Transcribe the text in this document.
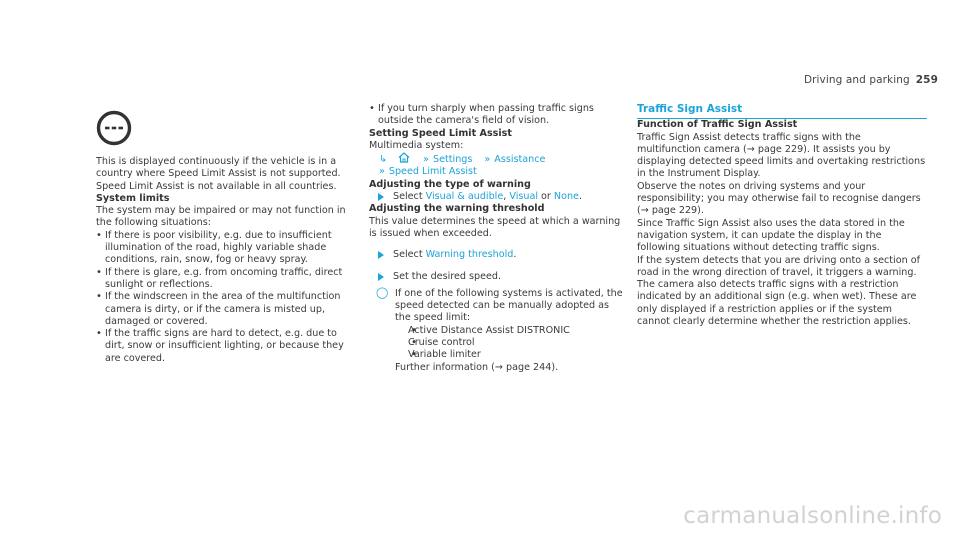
Driving and parking 259

This is displayed continuously if the vehicle is in a country where Speed Limit Assist is not supported. Speed Limit Assist is not available in all countries.

System limits

The system may be impaired or may not function in the following situations:

• If there is poor visibility, e.g. due to insufficient illumination of the road, highly variable shade conditions, rain, snow, fog or heavy spray.

• If there is glare, e.g. from oncoming traffic, direct sunlight or reflections.

• If the windscreen in the area of the multifunction camera is dirty, or if the camera is misted up, damaged or covered.

• If the traffic signs are hard to detect, e.g. due to dirt, snow or insufficient lighting, or because they are covered.

• If you turn sharply when passing traffic signs outside the camera's field of vision.

Setting Speed Limit Assist

Multimedia system:

↳	» Settings » Assistance
» Speed Limit Assist

Adjusting the type of warning

Select Visual & audible, Visual or None.

Adjusting the warning threshold

This value determines the speed at which a warning is issued when exceeded.

Select Warning threshold.

Set the desired speed.

◯ If one of the following systems is activated, the speed detected can be manually adopted as the speed limit:

• Active Distance Assist DISTRONIC

• Cruise control

• Variable limiter

Further information (→ page 244).

Traffic Sign Assist

Function of Traffic Sign Assist

Traffic Sign Assist detects traffic signs with the multifunction camera (→ page 229). It assists you by displaying detected speed limits and overtaking restrictions in the Instrument Display.

Observe the notes on driving systems and your responsibility; you may otherwise fail to recognise dangers (→ page 229).

Since Traffic Sign Assist also uses the data stored in the navigation system, it can update the display in the following situations without detecting traffic signs.

If the system detects that you are driving onto a section of road in the wrong direction of travel, it triggers a warning.

The camera also detects traffic signs with a restriction indicated by an additional sign (e.g. when wet). These are only displayed if a restriction applies or if the system cannot clearly determine whether the restriction applies.

carmanualsonline.info
